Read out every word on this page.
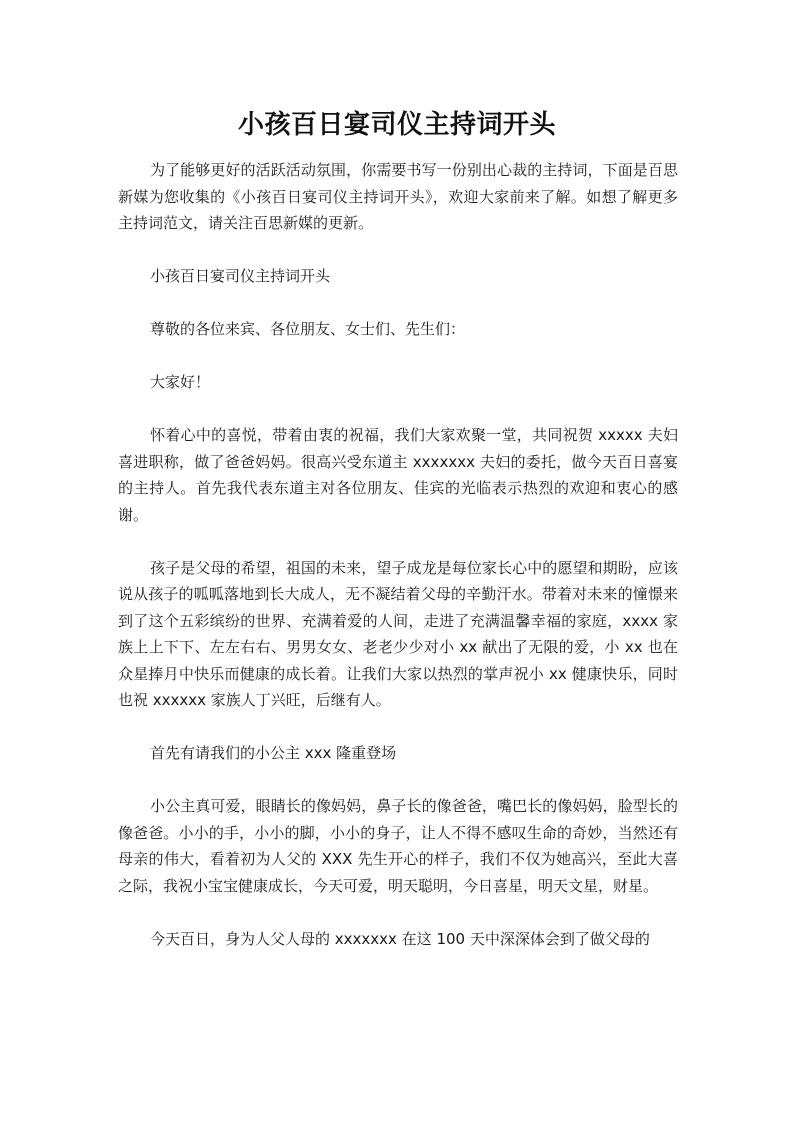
小孩百日宴司仪主持词开头

为了能够更好的活跃活动氛围，你需要书写一份别出心裁的主持词，下面是百思新媒为您收集的《小孩百日宴司仪主持词开头》，欢迎大家前来了解。如想了解更多主持词范文，请关注百思新媒的更新。

小孩百日宴司仪主持词开头

尊敬的各位来宾、各位朋友、女士们、先生们：

大家好！

怀着心中的喜悦，带着由衷的祝福，我们大家欢聚一堂，共同祝贺 xxxxx 夫妇喜进职称，做了爸爸妈妈。很高兴受东道主 xxxxxxx 夫妇的委托，做今天百日喜宴的主持人。首先我代表东道主对各位朋友、佳宾的光临表示热烈的欢迎和衷心的感谢。

孩子是父母的希望，祖国的未来，望子成龙是每位家长心中的愿望和期盼，应该说从孩子的呱呱落地到长大成人，无不凝结着父母的辛勤汗水。带着对未来的憧憬来到了这个五彩缤纷的世界、充满着爱的人间，走进了充满温馨幸福的家庭，xxxx 家族上上下下、左左右右、男男女女、老老少少对小 xx 献出了无限的爱，小 xx 也在众星捧月中快乐而健康的成长着。让我们大家以热烈的掌声祝小 xx 健康快乐，同时也祝 xxxxxx 家族人丁兴旺，后继有人。

首先有请我们的小公主 xxx 隆重登场

小公主真可爱，眼睛长的像妈妈，鼻子长的像爸爸，嘴巴长的像妈妈，脸型长的像爸爸。小小的手，小小的脚，小小的身子，让人不得不感叹生命的奇妙，当然还有母亲的伟大，看着初为人父的 XXX 先生开心的样子，我们不仅为她高兴，至此大喜之际，我祝小宝宝健康成长，今天可爱，明天聪明，今日喜星，明天文星，财星。

今天百日，身为人父人母的 xxxxxxx 在这 100 天中深深体会到了做父母的
